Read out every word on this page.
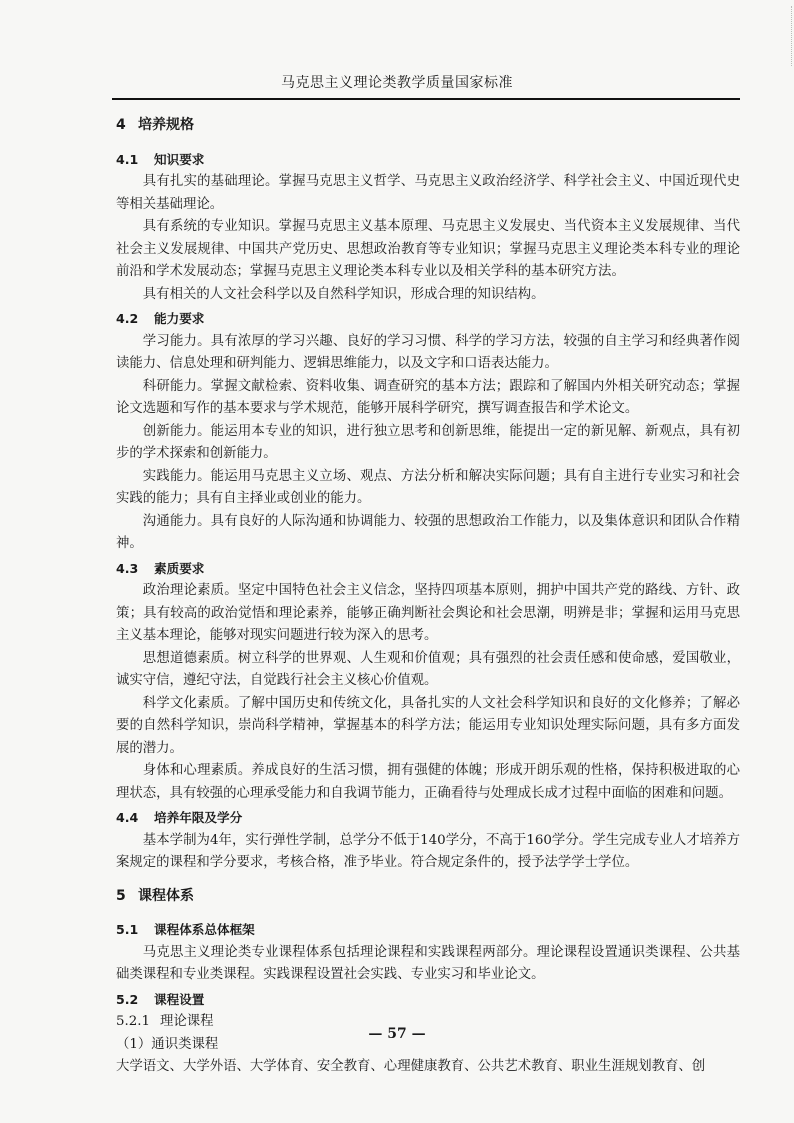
马克思主义理论类教学质量国家标准
4 培养规格
4.1 知识要求

具有扎实的基础理论。掌握马克思主义哲学、马克思主义政治经济学、科学社会主义、中国近现代史等相关基础理论。

具有系统的专业知识。掌握马克思主义基本原理、马克思主义发展史、当代资本主义发展规律、当代社会主义发展规律、中国共产党历史、思想政治教育等专业知识；掌握马克思主义理论类本科专业的理论前沿和学术发展动态；掌握马克思主义理论类本科专业以及相关学科的基本研究方法。

具有相关的人文社会科学以及自然科学知识，形成合理的知识结构。

4.2 能力要求

学习能力。具有浓厚的学习兴趣、良好的学习习惯、科学的学习方法，较强的自主学习和经典著作阅读能力、信息处理和研判能力、逻辑思维能力，以及文字和口语表达能力。

科研能力。掌握文献检索、资料收集、调查研究的基本方法；跟踪和了解国内外相关研究动态；掌握论文选题和写作的基本要求与学术规范，能够开展科学研究，撰写调查报告和学术论文。

创新能力。能运用本专业的知识，进行独立思考和创新思维，能提出一定的新见解、新观点，具有初步的学术探索和创新能力。

实践能力。能运用马克思主义立场、观点、方法分析和解决实际问题；具有自主进行专业实习和社会实践的能力；具有自主择业或创业的能力。

沟通能力。具有良好的人际沟通和协调能力、较强的思想政治工作能力，以及集体意识和团队合作精神。

4.3 素质要求

政治理论素质。坚定中国特色社会主义信念，坚持四项基本原则，拥护中国共产党的路线、方针、政策；具有较高的政治觉悟和理论素养，能够正确判断社会舆论和社会思潮，明辨是非；掌握和运用马克思主义基本理论，能够对现实问题进行较为深入的思考。

思想道德素质。树立科学的世界观、人生观和价值观；具有强烈的社会责任感和使命感，爱国敬业，诚实守信，遵纪守法，自觉践行社会主义核心价值观。

科学文化素质。了解中国历史和传统文化，具备扎实的人文社会科学知识和良好的文化修养；了解必要的自然科学知识，崇尚科学精神，掌握基本的科学方法；能运用专业知识处理实际问题，具有多方面发展的潜力。

身体和心理素质。养成良好的生活习惯，拥有强健的体魄；形成开朗乐观的性格，保持积极进取的心理状态，具有较强的心理承受能力和自我调节能力，正确看待与处理成长成才过程中面临的困难和问题。

4.4 培养年限及学分

基本学制为4年，实行弹性学制，总学分不低于140学分，不高于160学分。学生完成专业人才培养方案规定的课程和学分要求，考核合格，准予毕业。符合规定条件的，授予法学学士学位。

5 课程体系
5.1 课程体系总体框架

马克思主义理论类专业课程体系包括理论课程和实践课程两部分。理论课程设置通识类课程、公共基础类课程和专业类课程。实践课程设置社会实践、专业实习和毕业论文。

5.2 课程设置
5.2.1 理论课程

（1）通识类课程

大学语文、大学外语、大学体育、安全教育、心理健康教育、公共艺术教育、职业生涯规划教育、创

— 57 —
